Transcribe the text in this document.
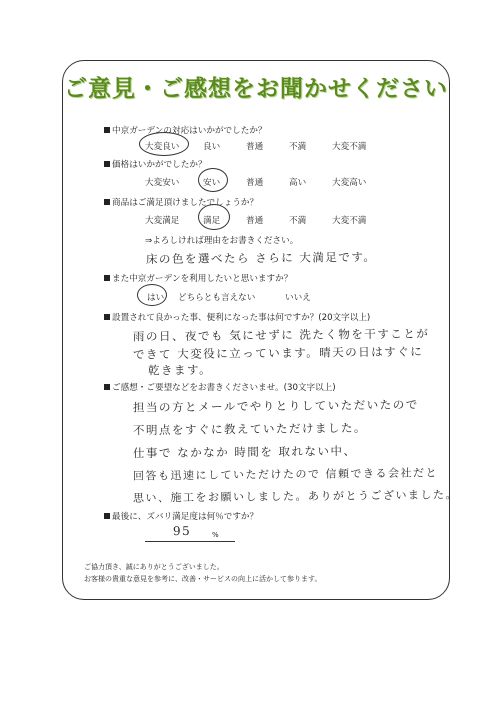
ご意見・ご感想をお聞かせください
中京ガーデンの対応はいかがでしたか？
大変良い	良い	普通	不満	大変不満
価格はいかがでしたか？
大変安い	安い	普通	高い	大変高い
商品はご満足頂けましたでしょうか？
大変満足	満足	普通	不満	大変不満
⇒よろしければ理由をお書きください。
床の色を選べたら さらに 大満足です。
また中京ガーデンを利用したいと思いますか？
はい どちらとも言えない	いいえ
設置されて良かった事、便利になった事は何ですか？(20文字以上)
雨の日、夜でも 気にせずに 洗たく物を干すことが
できて 大変役に立っています。晴天の日はすぐに
乾きます。
ご感想・ご要望などをお書きくださいませ。(30文字以上)
担当の方とメールでやりとりしていただいたので
不明点をすぐに教えていただけました。
仕事で なかなか 時間を 取れない中、
回答も迅速にしていただけたので 信頼できる会社だと
思い、施工をお願いしました。ありがとうございました。
最後に、ズバリ満足度は何％ですか？
95	%
ご協力頂き、誠にありがとうございました。
お客様の貴重な意見を参考に、改善・サービスの向上に活かして参ります。
